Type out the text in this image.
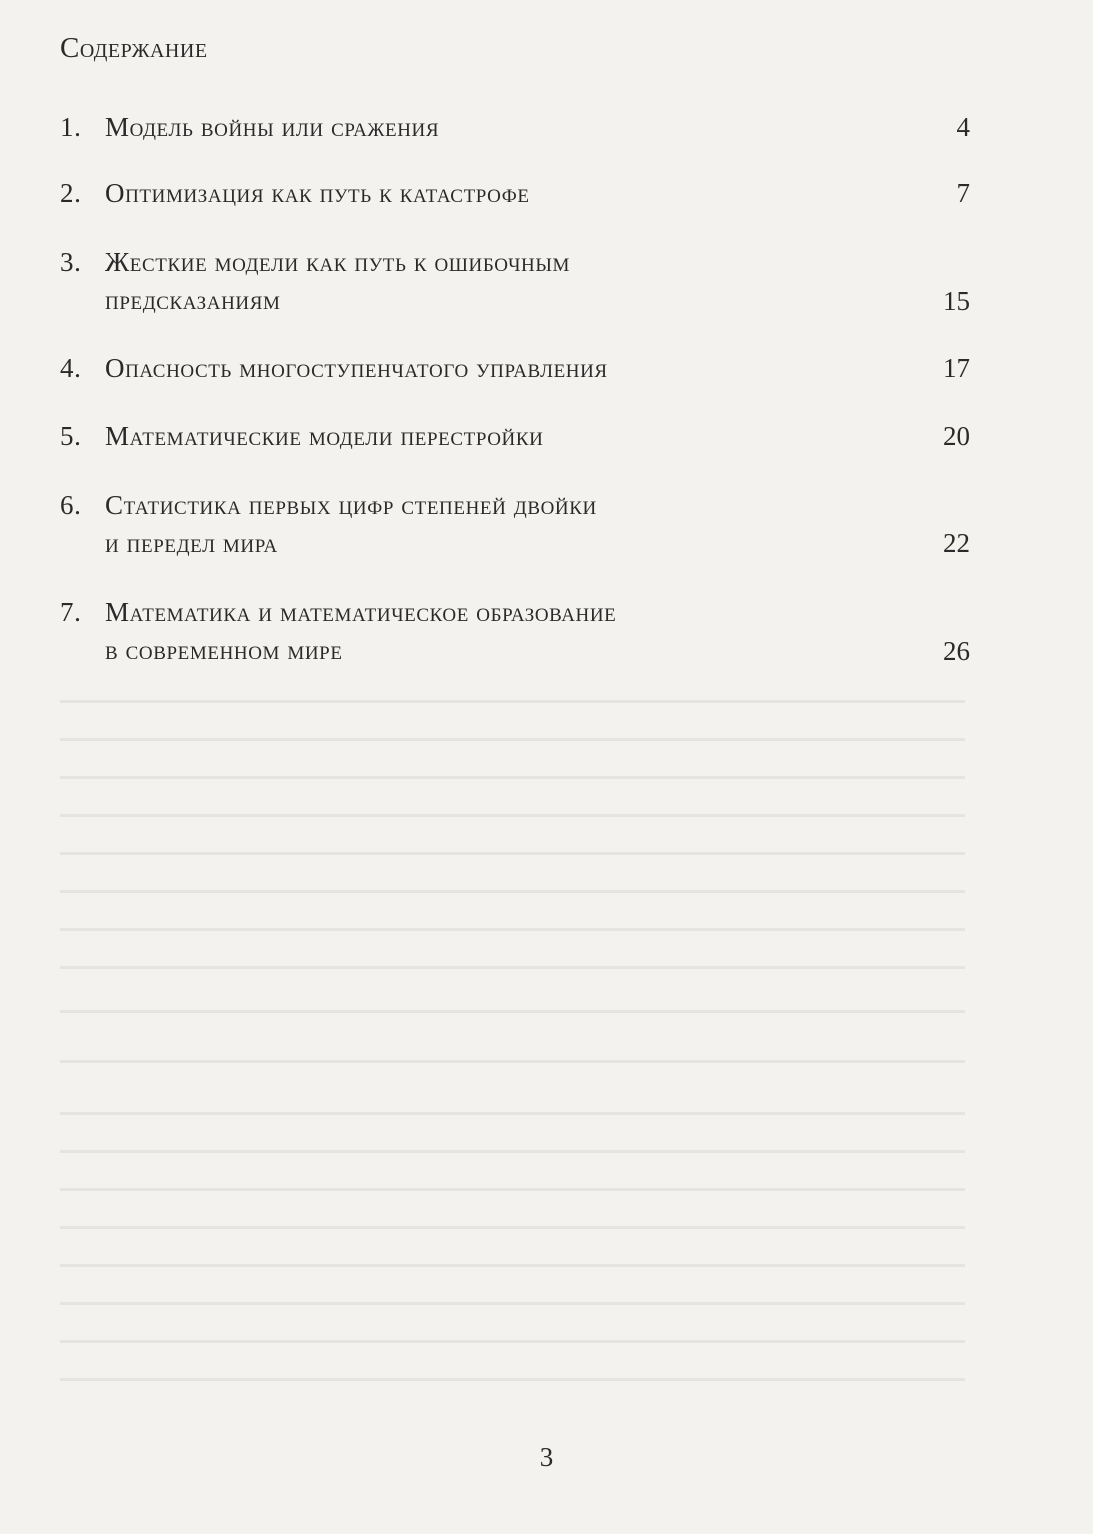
Содержание
1. Модель войны или сражения	4
2. Оптимизация как путь к катастрофе	7
3. Жесткие модели как путь к ошибочным
предсказаниям	15
4. Опасность многоступенчатого управления	17
5. Математические модели перестройки	20
6. Статистика первых цифр степеней двойки
и передел мира	22
7. Математика и математическое образование
в современном мире	26
3
